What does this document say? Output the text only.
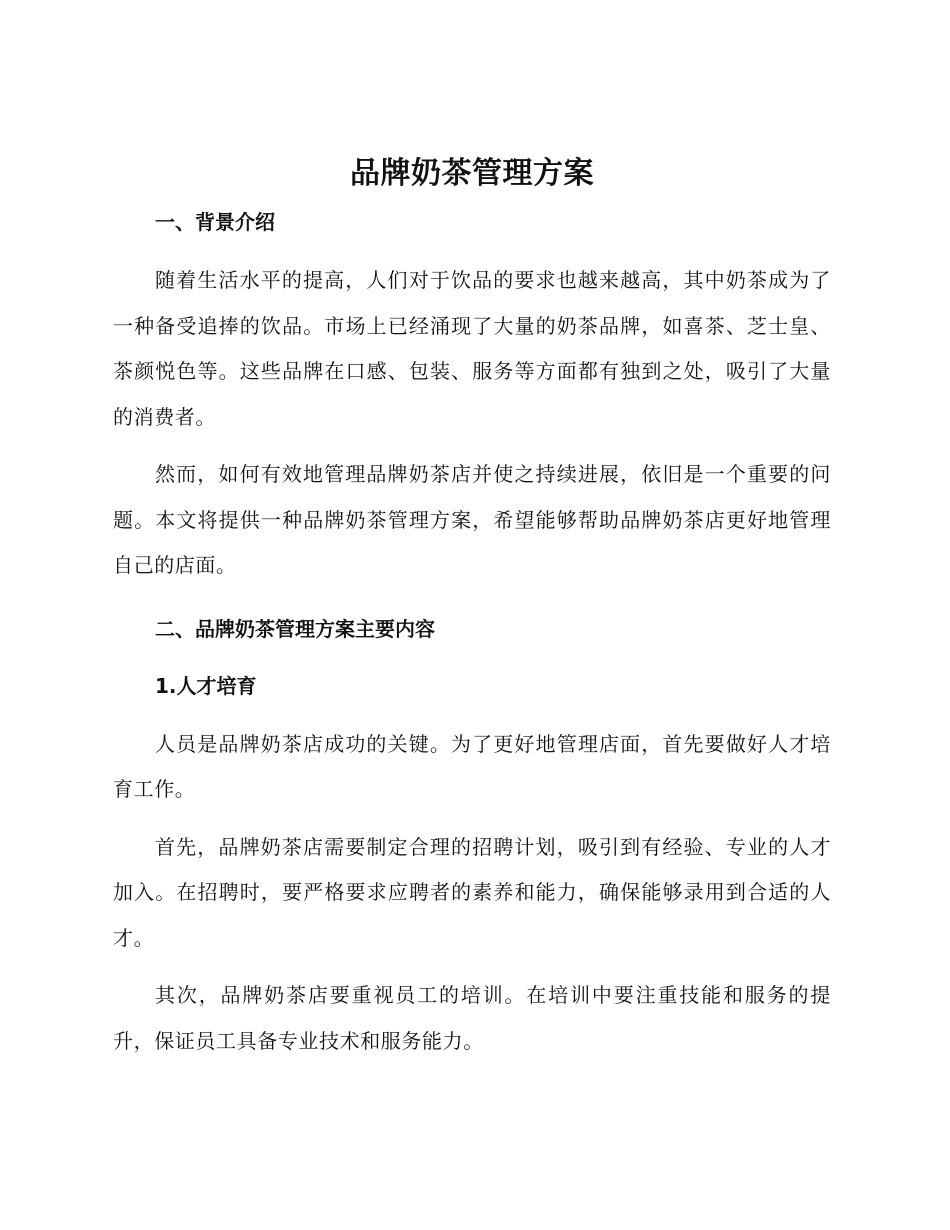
品牌奶茶管理方案
一、背景介绍

随着生活水平的提高，人们对于饮品的要求也越来越高，其中奶茶成为了一种备受追捧的饮品。市场上已经涌现了大量的奶茶品牌，如喜茶、芝士皇、茶颜悦色等。这些品牌在口感、包装、服务等方面都有独到之处，吸引了大量的消费者。

然而，如何有效地管理品牌奶茶店并使之持续进展，依旧是一个重要的问题。本文将提供一种品牌奶茶管理方案，希望能够帮助品牌奶茶店更好地管理自己的店面。

二、品牌奶茶管理方案主要内容
1.人才培育

人员是品牌奶茶店成功的关键。为了更好地管理店面，首先要做好人才培育工作。

首先，品牌奶茶店需要制定合理的招聘计划，吸引到有经验、专业的人才加入。在招聘时，要严格要求应聘者的素养和能力，确保能够录用到合适的人才。

其次，品牌奶茶店要重视员工的培训。在培训中要注重技能和服务的提升，保证员工具备专业技术和服务能力。
